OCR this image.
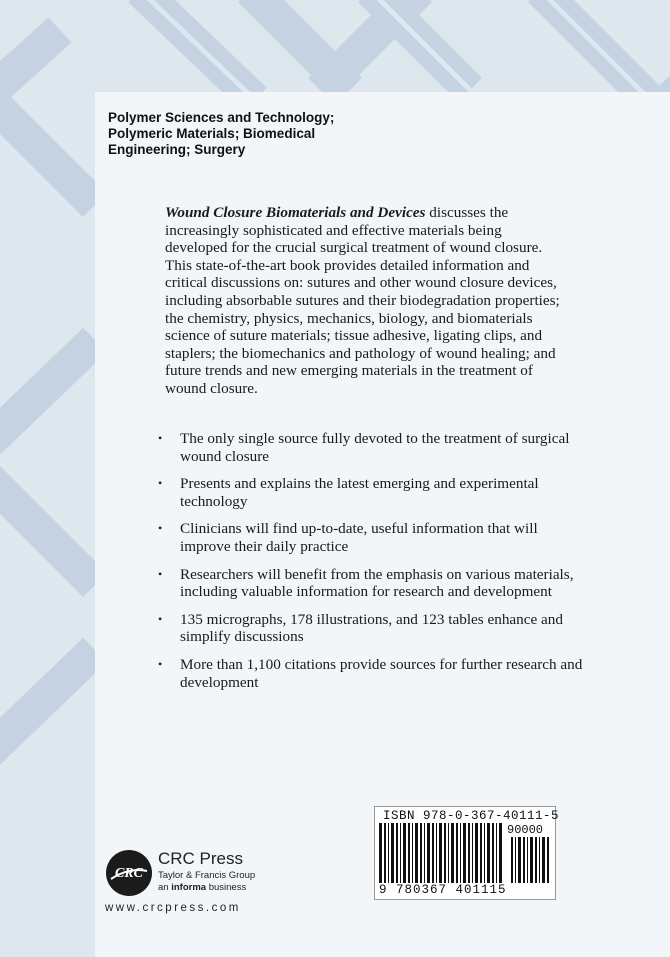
Polymer Sciences and Technology;
Polymeric Materials; Biomedical
Engineering; Surgery
Wound Closure Biomaterials and Devices discusses the increasingly sophisticated and effective materials being developed for the crucial surgical treatment of wound closure. This state-of-the-art book provides detailed information and critical discussions on: sutures and other wound closure devices, including absorbable sutures and their biodegradation properties; the chemistry, physics, mechanics, biology, and biomaterials science of suture materials; tissue adhesive, ligating clips, and staplers; the biomechanics and pathology of wound healing; and future trends and new emerging materials in the treatment of wound closure.
• The only single source fully devoted to the treatment of surgical wound closure
• Presents and explains the latest emerging and experimental technology
• Clinicians will find up-to-date, useful information that will improve their daily practice
• Researchers will benefit from the emphasis on various materials, including valuable information for research and development
• 135 micrographs, 178 illustrations, and 123 tables enhance and simplify discussions
• More than 1,100 citations provide sources for further research and development
CRC
CRC Press
Taylor & Francis Group
an informa business
www.crcpress.com
ISBN 978-0-367-40111-5
90000
9 780367 401115
